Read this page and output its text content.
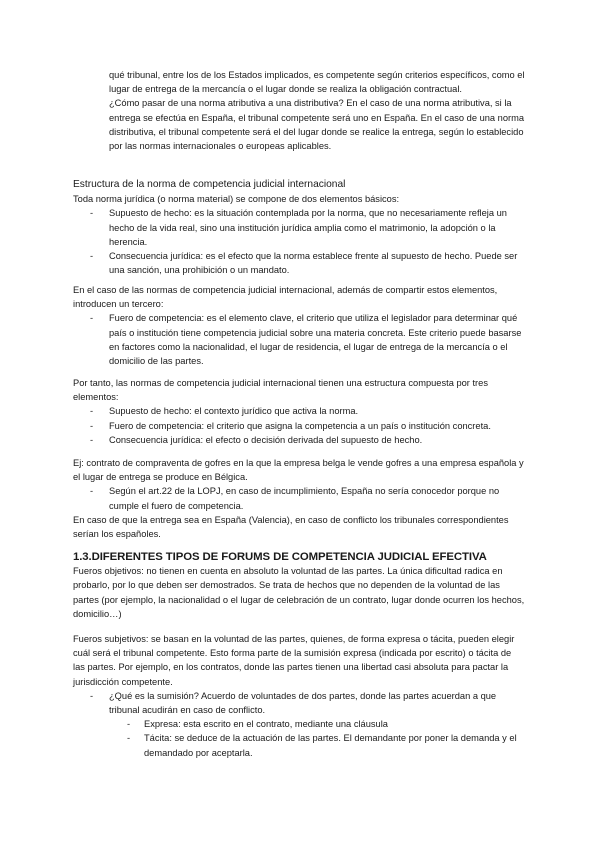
qué tribunal, entre los de los Estados implicados, es competente según criterios específicos, como el lugar de entrega de la mercancía o el lugar donde se realiza la obligación contractual.

¿Cómo pasar de una norma atributiva a una distributiva? En el caso de una norma atributiva, si la entrega se efectúa en España, el tribunal competente será uno en España. En el caso de una norma distributiva, el tribunal competente será el del lugar donde se realice la entrega, según lo establecido por las normas internacionales o europeas aplicables.

Estructura de la norma de competencia judicial internacional

Toda norma jurídica (o norma material) se compone de dos elementos básicos:

- Supuesto de hecho: es la situación contemplada por la norma, que no necesariamente refleja un hecho de la vida real, sino una institución jurídica amplia como el matrimonio, la adopción o la herencia.
- Consecuencia jurídica: es el efecto que la norma establece frente al supuesto de hecho. Puede ser una sanción, una prohibición o un mandato.

En el caso de las normas de competencia judicial internacional, además de compartir estos elementos, introducen un tercero:

- Fuero de competencia: es el elemento clave, el criterio que utiliza el legislador para determinar qué país o institución tiene competencia judicial sobre una materia concreta. Este criterio puede basarse en factores como la nacionalidad, el lugar de residencia, el lugar de entrega de la mercancía o el domicilio de las partes.

Por tanto, las normas de competencia judicial internacional tienen una estructura compuesta por tres elementos:

- Supuesto de hecho: el contexto jurídico que activa la norma.
- Fuero de competencia: el criterio que asigna la competencia a un país o institución concreta.
- Consecuencia jurídica: el efecto o decisión derivada del supuesto de hecho.

Ej: contrato de compraventa de gofres en la que la empresa belga le vende gofres a una empresa española y el lugar de entrega se produce en Bélgica.

- Según el art.22 de la LOPJ, en caso de incumplimiento, España no sería conocedor porque no cumple el fuero de competencia.

En caso de que la entrega sea en España (Valencia), en caso de conflicto los tribunales correspondientes serían los españoles.

1.3.DIFERENTES TIPOS DE FORUMS DE COMPETENCIA JUDICIAL EFECTIVA

Fueros objetivos: no tienen en cuenta en absoluto la voluntad de las partes. La única dificultad radica en probarlo, por lo que deben ser demostrados. Se trata de hechos que no dependen de la voluntad de las partes (por ejemplo, la nacionalidad o el lugar de celebración de un contrato, lugar donde ocurren los hechos, domicilio…)

Fueros subjetivos: se basan en la voluntad de las partes, quienes, de forma expresa o tácita, pueden elegir cuál será el tribunal competente. Esto forma parte de la sumisión expresa (indicada por escrito) o tácita de las partes. Por ejemplo, en los contratos, donde las partes tienen una libertad casi absoluta para pactar la jurisdicción competente.

- ¿Qué es la sumisión? Acuerdo de voluntades de dos partes, donde las partes acuerdan a que tribunal acudirán en caso de conflicto.
- Expresa: esta escrito en el contrato, mediante una cláusula
- Tácita: se deduce de la actuación de las partes. El demandante por poner la demanda y el demandado por aceptarla.
